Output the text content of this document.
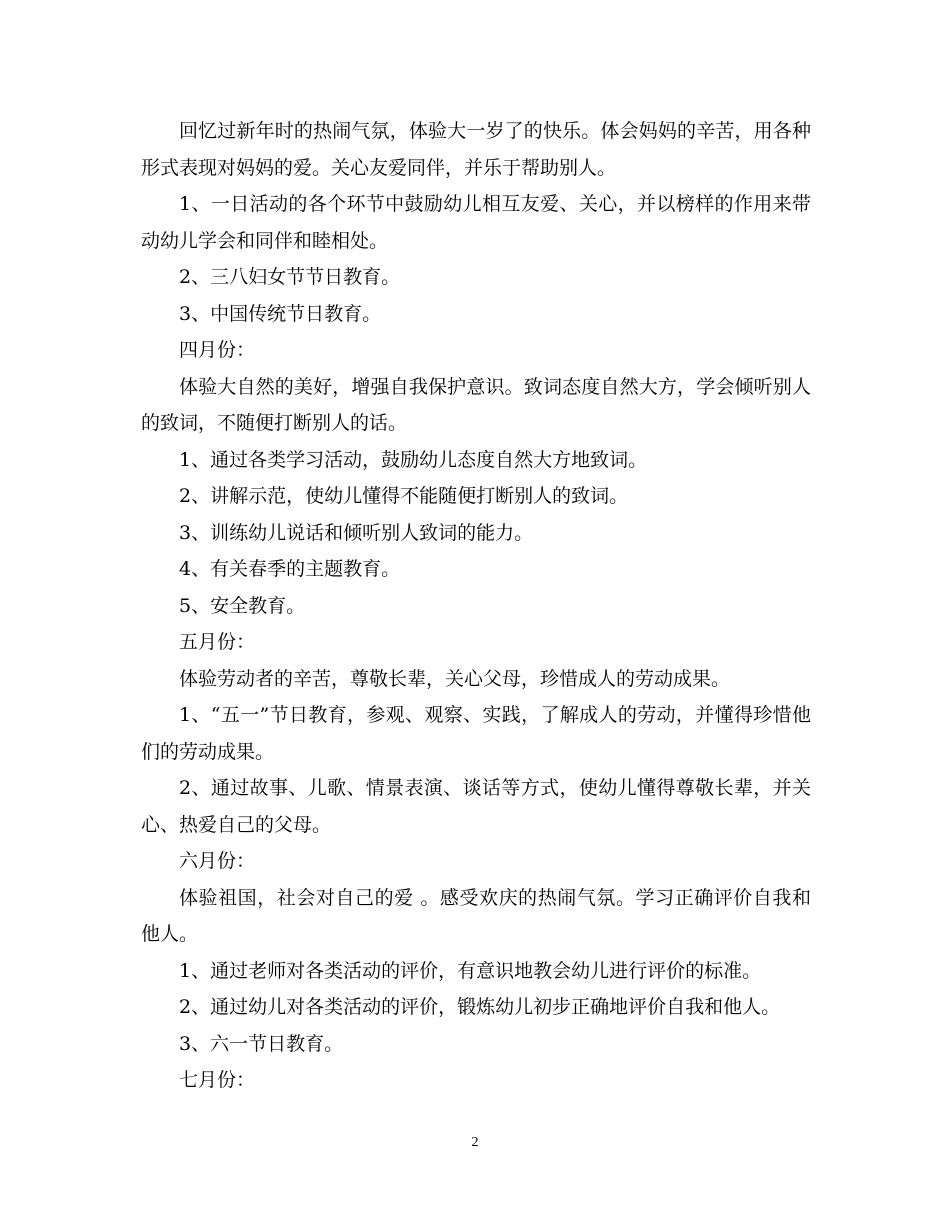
回忆过新年时的热闹气氛，体验大一岁了的快乐。体会妈妈的辛苦，用各种形式表现对妈妈的爱。关心友爱同伴，并乐于帮助别人。

1、一日活动的各个环节中鼓励幼儿相互友爱、关心，并以榜样的作用来带动幼儿学会和同伴和睦相处。

2、三八妇女节节日教育。

3、中国传统节日教育。

四月份：

体验大自然的美好，增强自我保护意识。致词态度自然大方，学会倾听别人的致词，不随便打断别人的话。

1、通过各类学习活动，鼓励幼儿态度自然大方地致词。

2、讲解示范，使幼儿懂得不能随便打断别人的致词。

3、训练幼儿说话和倾听别人致词的能力。

4、有关春季的主题教育。

5、安全教育。

五月份：

体验劳动者的辛苦，尊敬长辈，关心父母，珍惜成人的劳动成果。

1、“五一”节日教育，参观、观察、实践，了解成人的劳动，并懂得珍惜他们的劳动成果。

2、通过故事、儿歌、情景表演、谈话等方式，使幼儿懂得尊敬长辈，并关心、热爱自己的父母。

六月份：

体验祖国，社会对自己的爱 。感受欢庆的热闹气氛。学习正确评价自我和他人。

1、通过老师对各类活动的评价，有意识地教会幼儿进行评价的标准。

2、通过幼儿对各类活动的评价，锻炼幼儿初步正确地评价自我和他人。

3、六一节日教育。

七月份：

2
